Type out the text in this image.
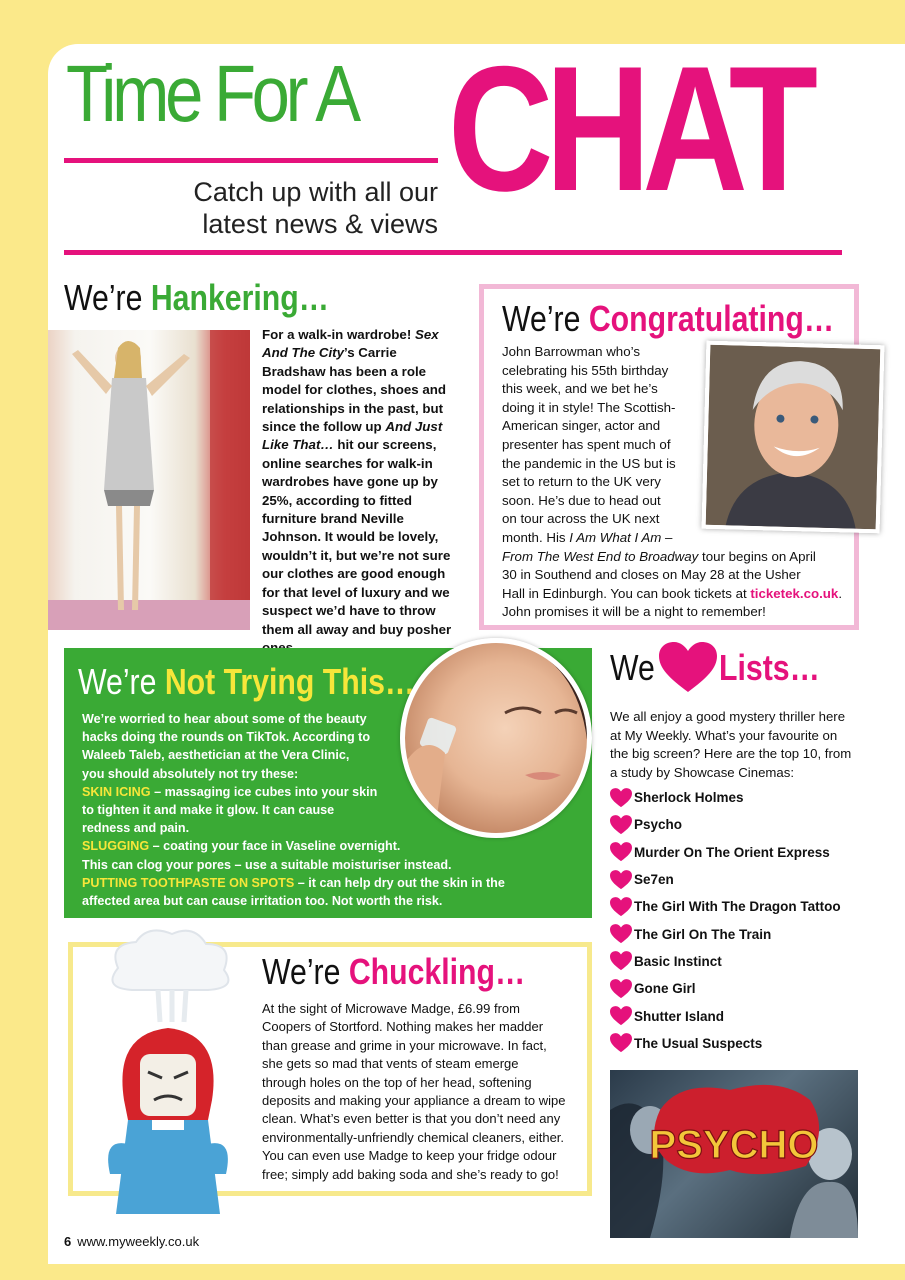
Time For A
Catch up with all our
latest news & views CHAT
We’re Hankering…
For a walk-in wardrobe! Sex And The City’s Carrie Bradshaw has been a role model for clothes, shoes and relationships in the past, but since the follow up And Just Like That… hit our screens, online searches for walk-in wardrobes have gone up by 25%, according to fitted furniture brand Neville Johnson. It would be lovely, wouldn’t it, but we’re not sure our clothes are good enough for that level of luxury and we suspect we’d have to throw them all away and buy posher
We’re Congratulating…
John Barrowman who’s
celebrating his 55th birthday
this week, and we bet he’s
doing it in style! The Scottish-
American singer, actor and
presenter has spent much of
the pandemic in the US but is
set to return to the UK very
soon. He’s due to head out
on tour across the UK next
month. His I Am What I Am –
From The West End to Broadway tour begins on April
30 in Southend and closes on May 28 at the Usher
Hall in Edinburgh. You can book tickets at ticketek.co.uk.
John promises it will be a night to remember!
We’re Not Trying This…
We’re worried to hear about some of the beauty
hacks doing the rounds on TikTok. According to
Waleeb Taleb, aesthetician at the Vera Clinic,
you should absolutely not try these:
SKIN ICING – massaging ice cubes into your skin
to tighten it and make it glow. It can cause
redness and pain.
SLUGGING – coating your face in Vaseline overnight.
This can clog your pores – use a suitable moisturiser instead.
PUTTING TOOTHPASTE ON SPOTS – it can help dry out the skin in the
affected area but can cause irritation too. Not worth the risk.
We’re Chuckling…
At the sight of Microwave Madge, £6.99 from
Coopers of Stortford. Nothing makes her madder
than grease and grime in your microwave. In fact,
she gets so mad that vents of steam emerge
through holes on the top of her head, softening
deposits and making your appliance a dream to wipe
clean. What’s even better is that you don’t need any
environmentally-unfriendly chemical cleaners, either.
You can even use Madge to keep your fridge odour
free; simply add baking soda and she’s ready to go!
We Lists…
We all enjoy a good mystery thriller here
at My Weekly. What’s your favourite on
the big screen? Here are the top 10, from
a study by Showcase Cinemas:
Sherlock Holmes
Psycho
Murder On The Orient Express
Se7en
The Girl With The Dragon Tattoo
The Girl On The Train
Basic Instinct
Gone Girl
Shutter Island
The Usual Suspects
PSYCHO
6 www.myweekly.co.uk
